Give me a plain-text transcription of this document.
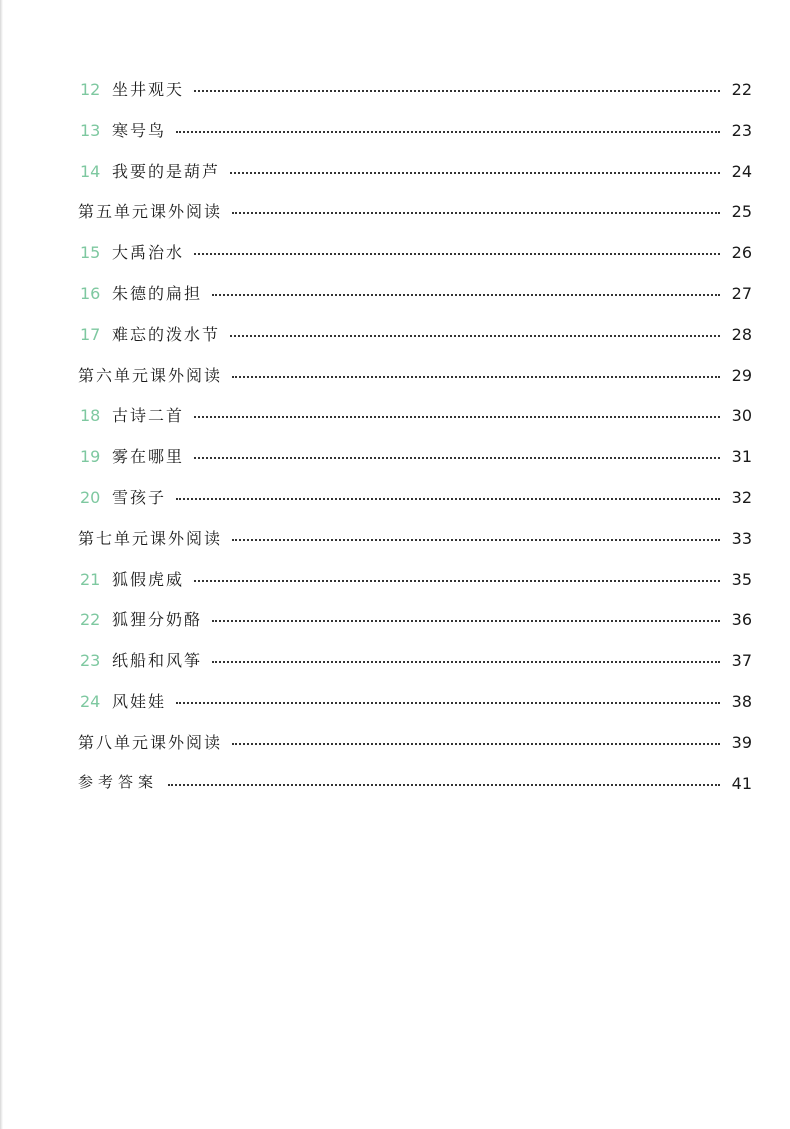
12 坐井观天	22
13 寒号鸟	23
14 我要的是葫芦	24
第五单元课外阅读	25
15 大禹治水	26
16 朱德的扁担	27
17 难忘的泼水节	28
第六单元课外阅读	29
18 古诗二首	30
19 雾在哪里	31
20 雪孩子	32
第七单元课外阅读	33
21 狐假虎威	35
22 狐狸分奶酪	36
23 纸船和风筝	37
24 风娃娃	38
第八单元课外阅读	39
参考答案	41
